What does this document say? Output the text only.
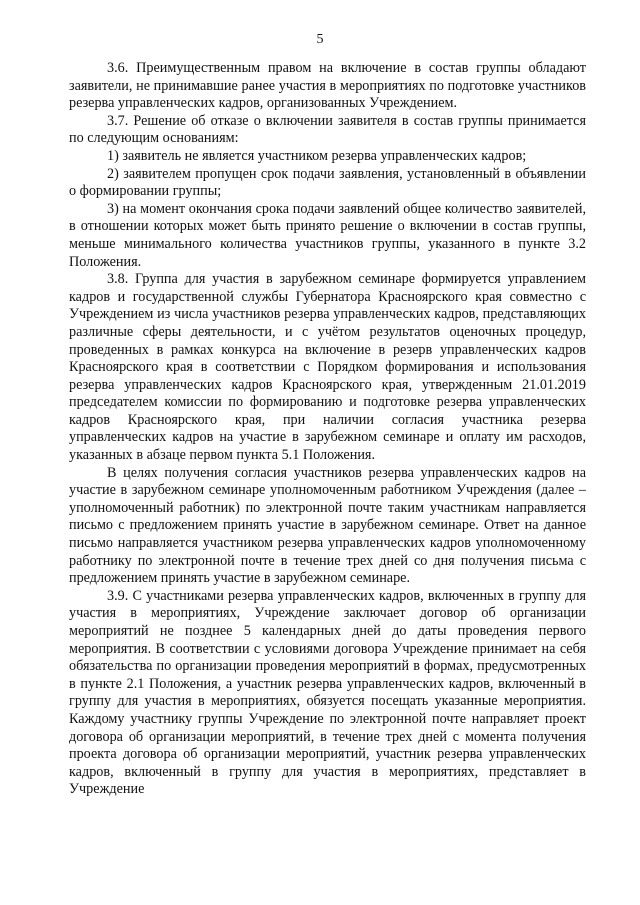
5

3.6. Преимущественным правом на включение в состав группы обладают заявители, не принимавшие ранее участия в мероприятиях по подготовке участников резерва управленческих кадров, организованных Учреждением.

3.7. Решение об отказе о включении заявителя в состав группы принимается по следующим основаниям:

1) заявитель не является участником резерва управленческих кадров;

2) заявителем пропущен срок подачи заявления, установленный в объявлении о формировании группы;

3) на момент окончания срока подачи заявлений общее количество заявителей, в отношении которых может быть принято решение о включении в состав группы, меньше минимального количества участников группы, указанного в пункте 3.2 Положения.

3.8. Группа для участия в зарубежном семинаре формируется управлением кадров и государственной службы Губернатора Красноярского края совместно с Учреждением из числа участников резерва управленческих кадров, представляющих различные сферы деятельности, и с учётом результатов оценочных процедур, проведенных в рамках конкурса на включение в резерв управленческих кадров Красноярского края в соответствии с Порядком формирования и использования резерва управленческих кадров Красноярского края, утвержденным 21.01.2019 председателем комиссии по формированию и подготовке резерва управленческих кадров Красноярского края, при наличии согласия участника резерва управленческих кадров на участие в зарубежном семинаре и оплату им расходов, указанных в абзаце первом пункта 5.1 Положения.

В целях получения согласия участников резерва управленческих кадров на участие в зарубежном семинаре уполномоченным работником Учреждения (далее – уполномоченный работник) по электронной почте таким участникам направляется письмо с предложением принять участие в зарубежном семинаре. Ответ на данное письмо направляется участником резерва управленческих кадров уполномоченному работнику по электронной почте в течение трех дней со дня получения письма с предложением принять участие в зарубежном семинаре.

3.9. С участниками резерва управленческих кадров, включенных в группу для участия в мероприятиях, Учреждение заключает договор об организации мероприятий не позднее 5 календарных дней до даты проведения первого мероприятия. В соответствии с условиями договора Учреждение принимает на себя обязательства по организации проведения мероприятий в формах, предусмотренных в пункте 2.1 Положения, а участник резерва управленческих кадров, включенный в группу для участия в мероприятиях, обязуется посещать указанные мероприятия. Каждому участнику группы Учреждение по электронной почте направляет проект договора об организации мероприятий, в течение трех дней с момента получения проекта договора об организации мероприятий, участник резерва управленческих кадров, включенный в группу для участия в мероприятиях, представляет в Учреждение
